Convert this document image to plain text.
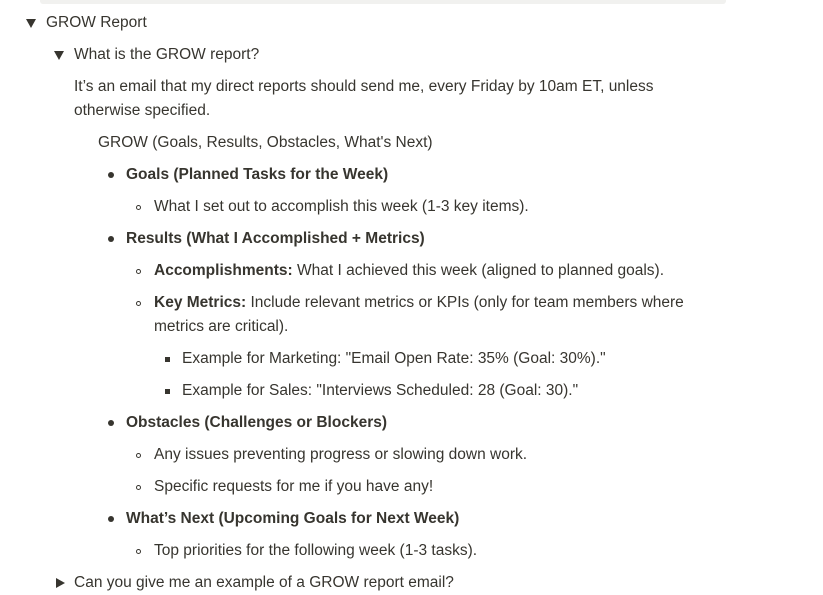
GROW Report
What is the GROW report?
It’s an email that my direct reports should send me, every Friday by 10am ET, unless
otherwise specified.
GROW (Goals, Results, Obstacles, What's Next)
Goals (Planned Tasks for the Week)
What I set out to accomplish this week (1-3 key items).
Results (What I Accomplished + Metrics)
Accomplishments: What I achieved this week (aligned to planned goals).
Key Metrics: Include relevant metrics or KPIs (only for team members where
metrics are critical).
Example for Marketing: "Email Open Rate: 35% (Goal: 30%)."
Example for Sales: "Interviews Scheduled: 28 (Goal: 30)."
Obstacles (Challenges or Blockers)
Any issues preventing progress or slowing down work.
Specific requests for me if you have any!
What’s Next (Upcoming Goals for Next Week)
Top priorities for the following week (1-3 tasks).
Can you give me an example of a GROW report email?
